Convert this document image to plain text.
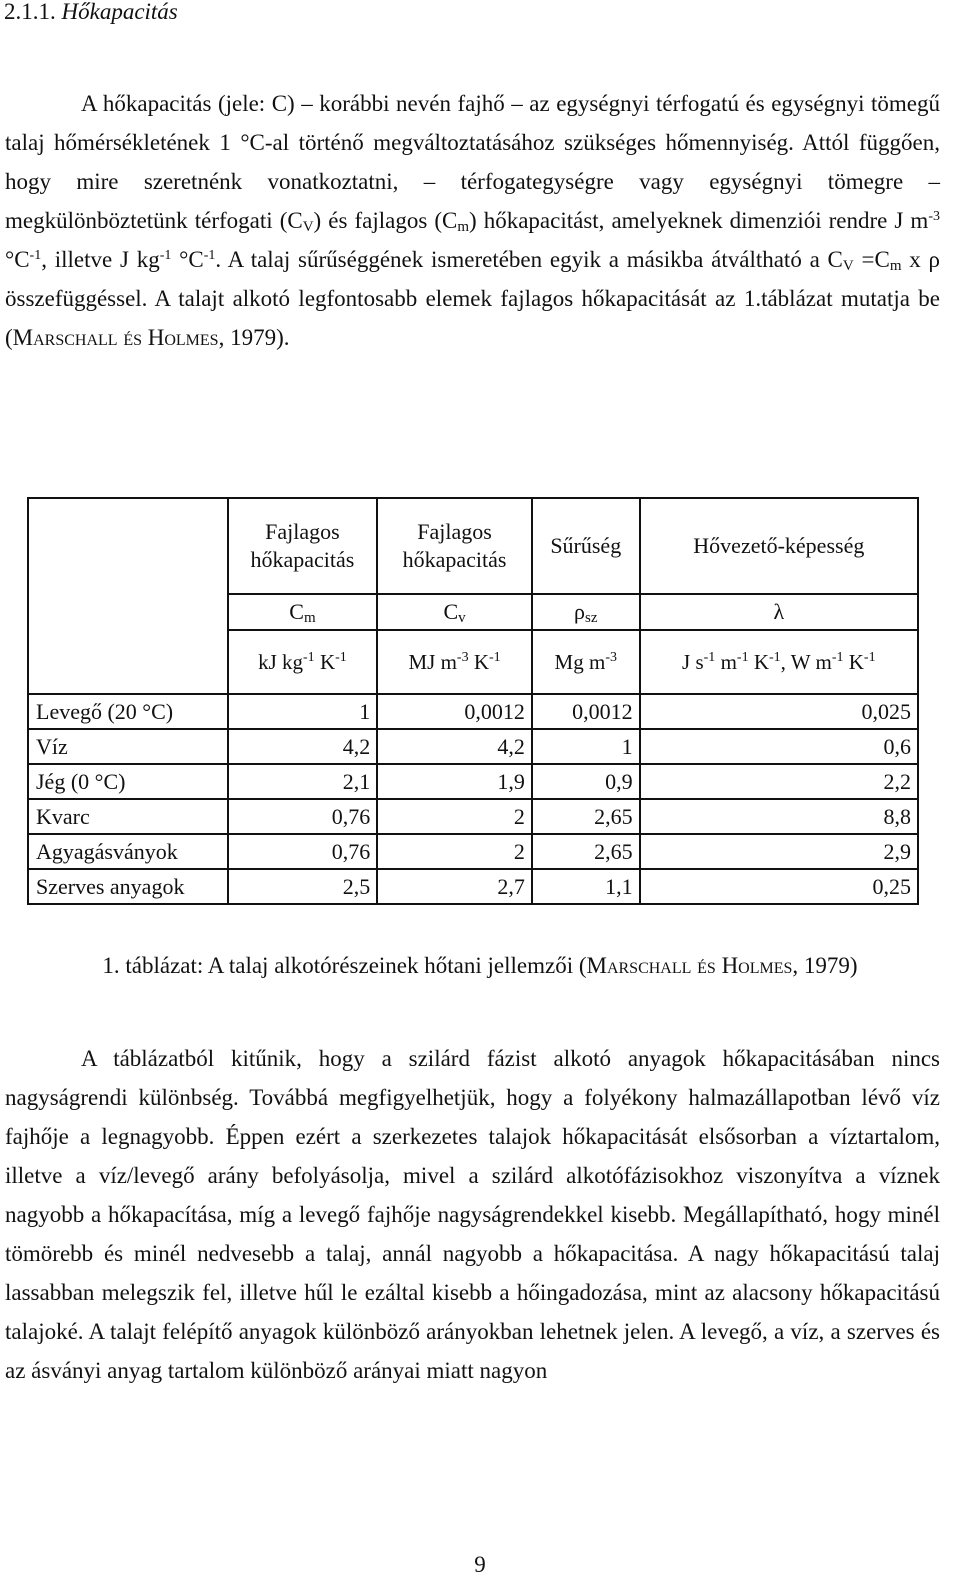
2.1.1. Hőkapacitás
A hőkapacitás (jele: C) – korábbi nevén fajhő – az egységnyi térfogatú és egységnyi tömegű talaj hőmérsékletének 1 °C-al történő megváltoztatásához szükséges hőmennyiség. Attól függően, hogy mire szeretnénk vonatkoztatni, – térfogategységre vagy egységnyi tömegre – megkülönböztetünk térfogati $(C_V)$ és fajlagos $(C_m)$ hőkapacitást, amelyeknek dimenziói rendre J $m^{-3}$ $^\circ C^{-1}$, illetve J $kg^{-1}$ $^\circ C^{-1}$. A talaj sűrűséggének ismeretében egyik a másikba átváltható a $C_V =C_m$ x ρ összefüggéssel. A talajt alkotó legfontosabb elemek fajlagos hőkapacitását az 1.táblázat mutatja be (Marschall és Holmes, 1979).
	Fajlagos hőkapacitás	Fajlagos hőkapacitás	Sűrűség	Hővezető-képesség
	$C_m$	$C_v$	$\rho_{sz}$	λ
	kJ $kg^{-1}$ $K^{-1}$	MJ $m^{-3}$ $K^{-1}$	Mg $m^{-3}$	J $s^{-1}$ $m^{-1}$ $K^{-1}$, W $m^{-1}$ $K^{-1}$
Levegő (20 °C)	1	0,0012	0,0012	0,025
Víz	4,2	4,2	1	0,6
Jég (0 °C)	2,1	1,9	0,9	2,2
Kvarc	0,76	2	2,65	8,8
Agyagásványok	0,76	2	2,65	2,9
Szerves anyagok	2,5	2,7	1,1	0,25
1. táblázat: A talaj alkotórészeinek hőtani jellemzői (Marschall és Holmes, 1979)
A táblázatból kitűnik, hogy a szilárd fázist alkotó anyagok hőkapacitásában nincs nagyságrendi különbség. Továbbá megfigyelhetjük, hogy a folyékony halmazállapotban lévő víz fajhője a legnagyobb. Éppen ezért a szerkezetes talajok hőkapacitását elsősorban a víztartalom, illetve a víz/levegő arány befolyásolja, mivel a szilárd alkotófázisokhoz viszonyítva a víznek nagyobb a hőkapacítása, míg a levegő fajhője nagyságrendekkel kisebb. Megállapítható, hogy minél tömörebb és minél nedvesebb a talaj, annál nagyobb a hőkapacitása. A nagy hőkapacitású talaj lassabban melegszik fel, illetve hűl le ezáltal kisebb a hőingadozása, mint az alacsony hőkapacitású talajoké. A talajt felépítő anyagok különböző arányokban lehetnek jelen. A levegő, a víz, a szerves és az ásványi anyag tartalom különböző arányai miatt nagyon
9
